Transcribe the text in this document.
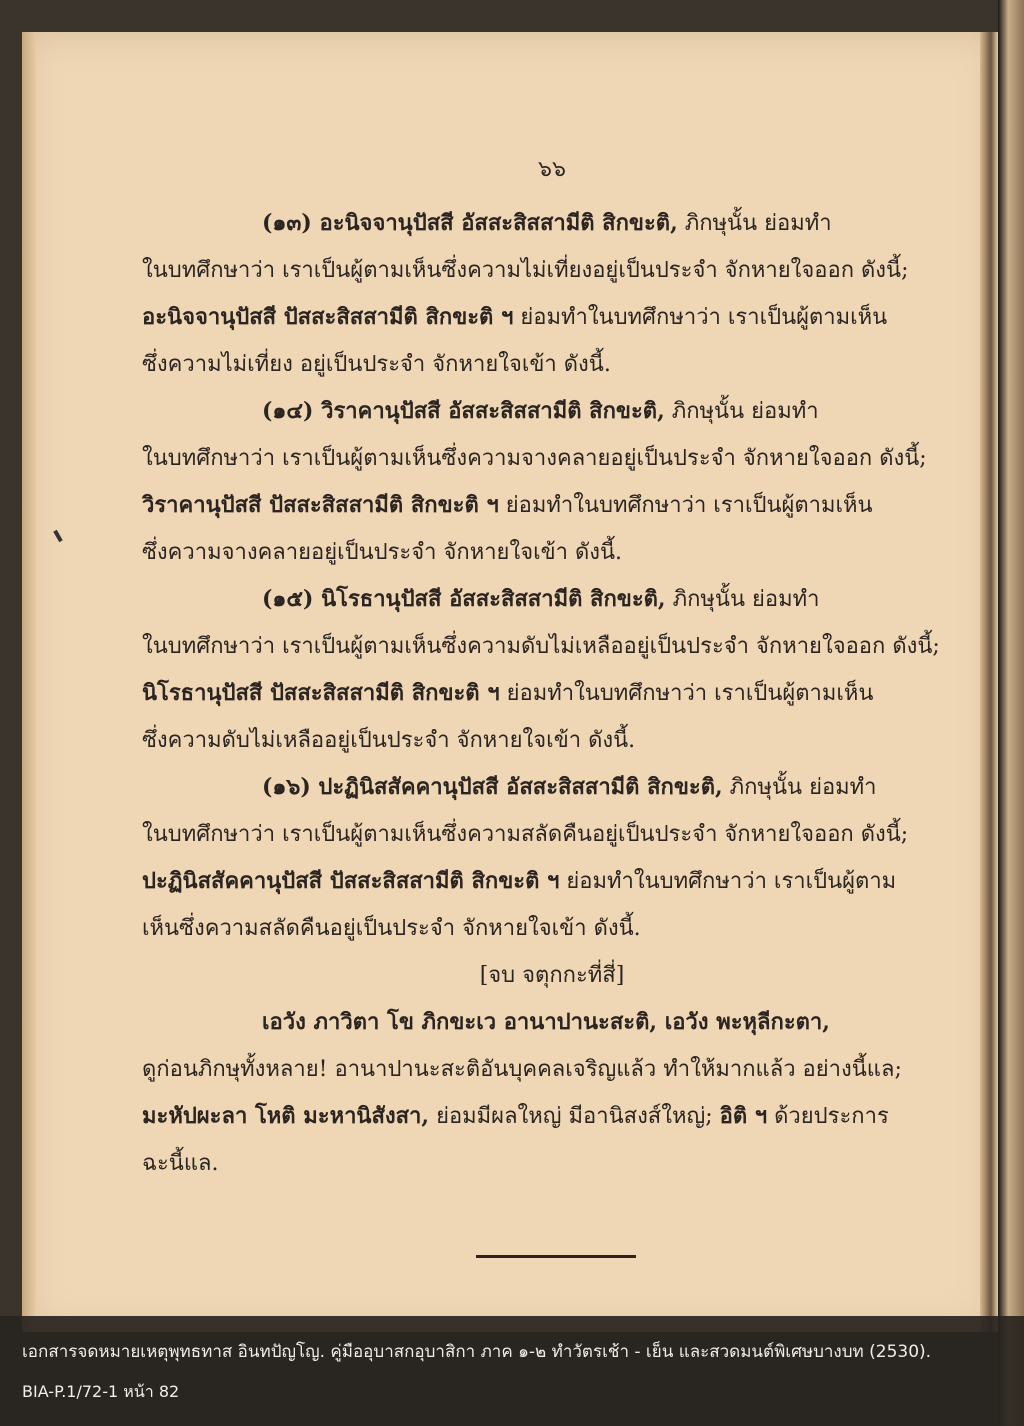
๖๖
(๑๓) อะนิจจานุปัสสี อัสสะสิสสามีติ สิกขะติ, ภิกษุนั้น ย่อมทำ
ในบทศึกษาว่า เราเป็นผู้ตามเห็นซึ่งความไม่เที่ยงอยู่เป็นประจำ จักหายใจออก ดังนี้;
อะนิจจานุปัสสี ปัสสะสิสสามีติ สิกขะติ ฯ ย่อมทำในบทศึกษาว่า เราเป็นผู้ตามเห็น
ซึ่งความไม่เที่ยง อยู่เป็นประจำ จักหายใจเข้า ดังนี้.
(๑๔) วิราคานุปัสสี อัสสะสิสสามีติ สิกขะติ, ภิกษุนั้น ย่อมทำ
ในบทศึกษาว่า เราเป็นผู้ตามเห็นซึ่งความจางคลายอยู่เป็นประจำ จักหายใจออก ดังนี้;
วิราคานุปัสสี ปัสสะสิสสามีติ สิกขะติ ฯ ย่อมทำในบทศึกษาว่า เราเป็นผู้ตามเห็น
ซึ่งความจางคลายอยู่เป็นประจำ จักหายใจเข้า ดังนี้.
(๑๕) นิโรธานุปัสสี อัสสะสิสสามีติ สิกขะติ, ภิกษุนั้น ย่อมทำ
ในบทศึกษาว่า เราเป็นผู้ตามเห็นซึ่งความดับไม่เหลืออยู่เป็นประจำ จักหายใจออก ดังนี้;
นิโรธานุปัสสี ปัสสะสิสสามีติ สิกขะติ ฯ ย่อมทำในบทศึกษาว่า เราเป็นผู้ตามเห็น
ซึ่งความดับไม่เหลืออยู่เป็นประจำ จักหายใจเข้า ดังนี้.
(๑๖) ปะฏินิสสัคคานุปัสสี อัสสะสิสสามีติ สิกขะติ, ภิกษุนั้น ย่อมทำ
ในบทศึกษาว่า เราเป็นผู้ตามเห็นซึ่งความสลัดคืนอยู่เป็นประจำ จักหายใจออก ดังนี้;
ปะฏินิสสัคคานุปัสสี ปัสสะสิสสามีติ สิกขะติ ฯ ย่อมทำในบทศึกษาว่า เราเป็นผู้ตาม
เห็นซึ่งความสลัดคืนอยู่เป็นประจำ จักหายใจเข้า ดังนี้.
[จบ จตุกกะที่สี่]
เอวัง ภาวิตา โข ภิกขะเว อานาปานะสะติ, เอวัง พะหุลีกะตา,
ดูก่อนภิกษุทั้งหลาย! อานาปานะสะติอันบุคคลเจริญแล้ว ทำให้มากแล้ว อย่างนี้แล;
มะหัปผะลา โหติ มะหานิสังสา, ย่อมมีผลใหญ่ มีอานิสงส์ใหญ่; อิติ ฯ ด้วยประการ
ฉะนี้แล.
เอกสารจดหมายเหตุพุทธทาส อินทปัญโญ. คู่มืออุบาสกอุบาสิกา ภาค ๑-๒ ทำวัตรเช้า - เย็น และสวดมนต์พิเศษบางบท (2530).
BIA-P.1/72-1 หน้า 82
